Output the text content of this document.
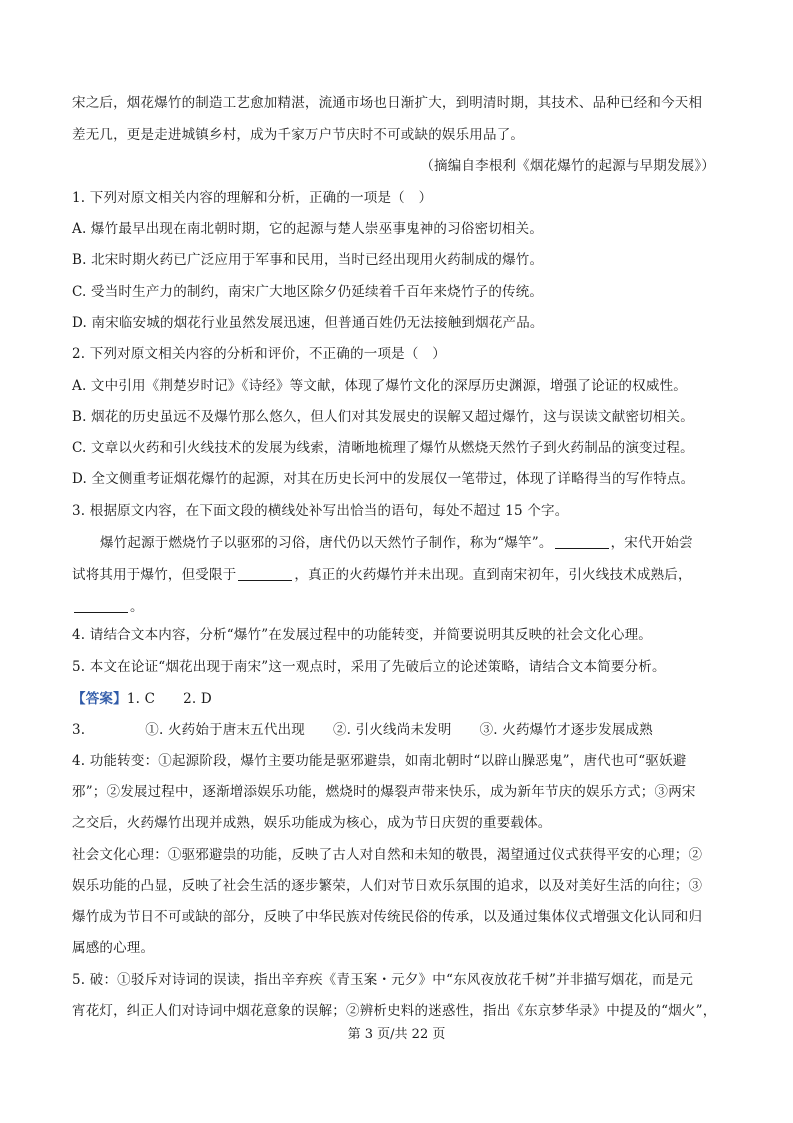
宋之后，烟花爆竹的制造工艺愈加精湛，流通市场也日渐扩大，到明清时期，其技术、品种已经和今天相
差无几，更是走进城镇乡村，成为千家万户节庆时不可或缺的娱乐用品了。
（摘编自李根利《烟花爆竹的起源与早期发展》）
1. 下列对原文相关内容的理解和分析，正确的一项是（　）
A. 爆竹最早出现在南北朝时期，它的起源与楚人崇巫事鬼神的习俗密切相关。
B. 北宋时期火药已广泛应用于军事和民用，当时已经出现用火药制成的爆竹。
C. 受当时生产力的制约，南宋广大地区除夕仍延续着千百年来烧竹子的传统。
D. 南宋临安城的烟花行业虽然发展迅速，但普通百姓仍无法接触到烟花产品。
2. 下列对原文相关内容的分析和评价，不正确的一项是（　）
A. 文中引用《荆楚岁时记》《诗经》等文献，体现了爆竹文化的深厚历史渊源，增强了论证的权威性。
B. 烟花的历史虽远不及爆竹那么悠久，但人们对其发展史的误解又超过爆竹，这与误读文献密切相关。
C. 文章以火药和引火线技术的发展为线索，清晰地梳理了爆竹从燃烧天然竹子到火药制品的演变过程。
D. 全文侧重考证烟花爆竹的起源，对其在历史长河中的发展仅一笔带过，体现了详略得当的写作特点。
3. 根据原文内容，在下面文段的横线处补写出恰当的语句，每处不超过 15 个字。
爆竹起源于燃烧竹子以驱邪的习俗，唐代仍以天然竹子制作，称为“爆竿”。	，宋代开始尝
试将其用于爆竹，但受限于	，真正的火药爆竹并未出现。直到南宋初年，引火线技术成熟后，
。
4. 请结合文本内容，分析“爆竹”在发展过程中的功能转变，并简要说明其反映的社会文化心理。
5. 本文在论证“烟花出现于南宋”这一观点时，采用了先破后立的论述策略，请结合文本简要分析。
【答案】1. C 2. D
3.	①. 火药始于唐末五代出现 ②. 引火线尚未发明 ③. 火药爆竹才逐步发展成熟
4. 功能转变：①起源阶段，爆竹主要功能是驱邪避祟，如南北朝时“以辟山臊恶鬼”，唐代也可“驱妖避
邪”；②发展过程中，逐渐增添娱乐功能，燃烧时的爆裂声带来快乐，成为新年节庆的娱乐方式；③两宋
之交后，火药爆竹出现并成熟，娱乐功能成为核心，成为节日庆贺的重要载体。
社会文化心理：①驱邪避祟的功能，反映了古人对自然和未知的敬畏，渴望通过仪式获得平安的心理；②
娱乐功能的凸显，反映了社会生活的逐步繁荣，人们对节日欢乐氛围的追求，以及对美好生活的向往；③
爆竹成为节日不可或缺的部分，反映了中华民族对传统民俗的传承，以及通过集体仪式增强文化认同和归
属感的心理。
5. 破：①驳斥对诗词的误读，指出辛弃疾《青玉案・元夕》中“东风夜放花千树”并非描写烟花，而是元
宵花灯，纠正人们对诗词中烟花意象的误解；②辨析史料的迷惑性，指出《东京梦华录》中提及的“烟火”，
第 3 页/共 22 页
